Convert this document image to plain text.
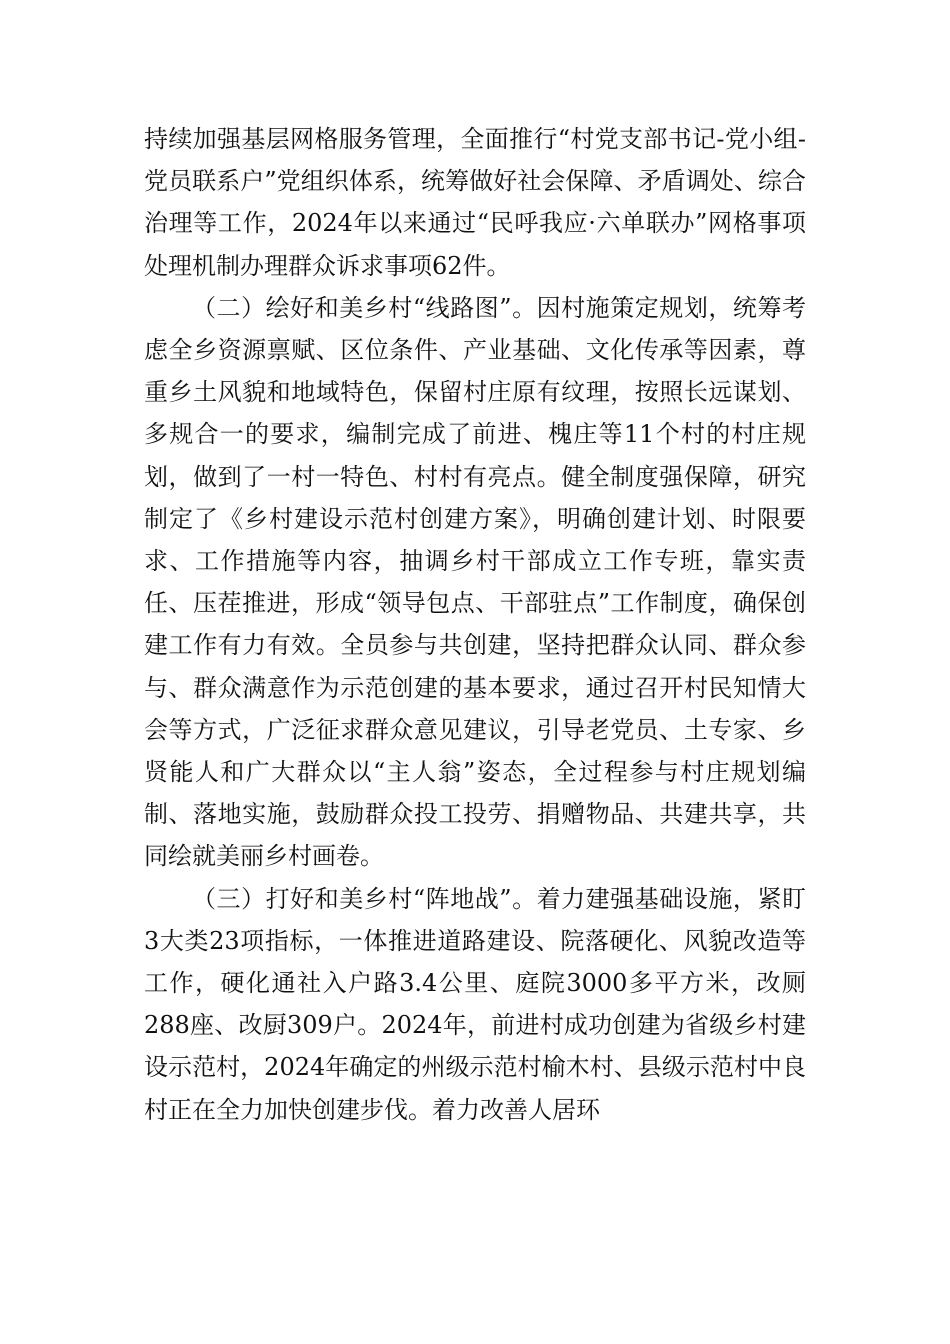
持续加强基层网格服务管理，全面推行“村党支部书记-党小组-党员联系户”党组织体系，统筹做好社会保障、矛盾调处、综合治理等工作，2024年以来通过“民呼我应·六单联办”网格事项处理机制办理群众诉求事项62件。

（二）绘好和美乡村“线路图”。因村施策定规划，统筹考虑全乡资源禀赋、区位条件、产业基础、文化传承等因素，尊重乡土风貌和地域特色，保留村庄原有纹理，按照长远谋划、多规合一的要求，编制完成了前进、槐庄等11个村的村庄规划，做到了一村一特色、村村有亮点。健全制度强保障，研究制定了《乡村建设示范村创建方案》，明确创建计划、时限要求、工作措施等内容，抽调乡村干部成立工作专班，靠实责任、压茬推进，形成“领导包点、干部驻点”工作制度，确保创建工作有力有效。全员参与共创建，坚持把群众认同、群众参与、群众满意作为示范创建的基本要求，通过召开村民知情大会等方式，广泛征求群众意见建议，引导老党员、土专家、乡贤能人和广大群众以“主人翁”姿态，全过程参与村庄规划编制、落地实施，鼓励群众投工投劳、捐赠物品、共建共享，共同绘就美丽乡村画卷。

（三）打好和美乡村“阵地战”。着力建强基础设施，紧盯3大类23项指标，一体推进道路建设、院落硬化、风貌改造等工作，硬化通社入户路3.4公里、庭院3000多平方米，改厕288座、改厨309户。2024年，前进村成功创建为省级乡村建设示范村，2024年确定的州级示范村榆木村、县级示范村中良村正在全力加快创建步伐。着力改善人居环
